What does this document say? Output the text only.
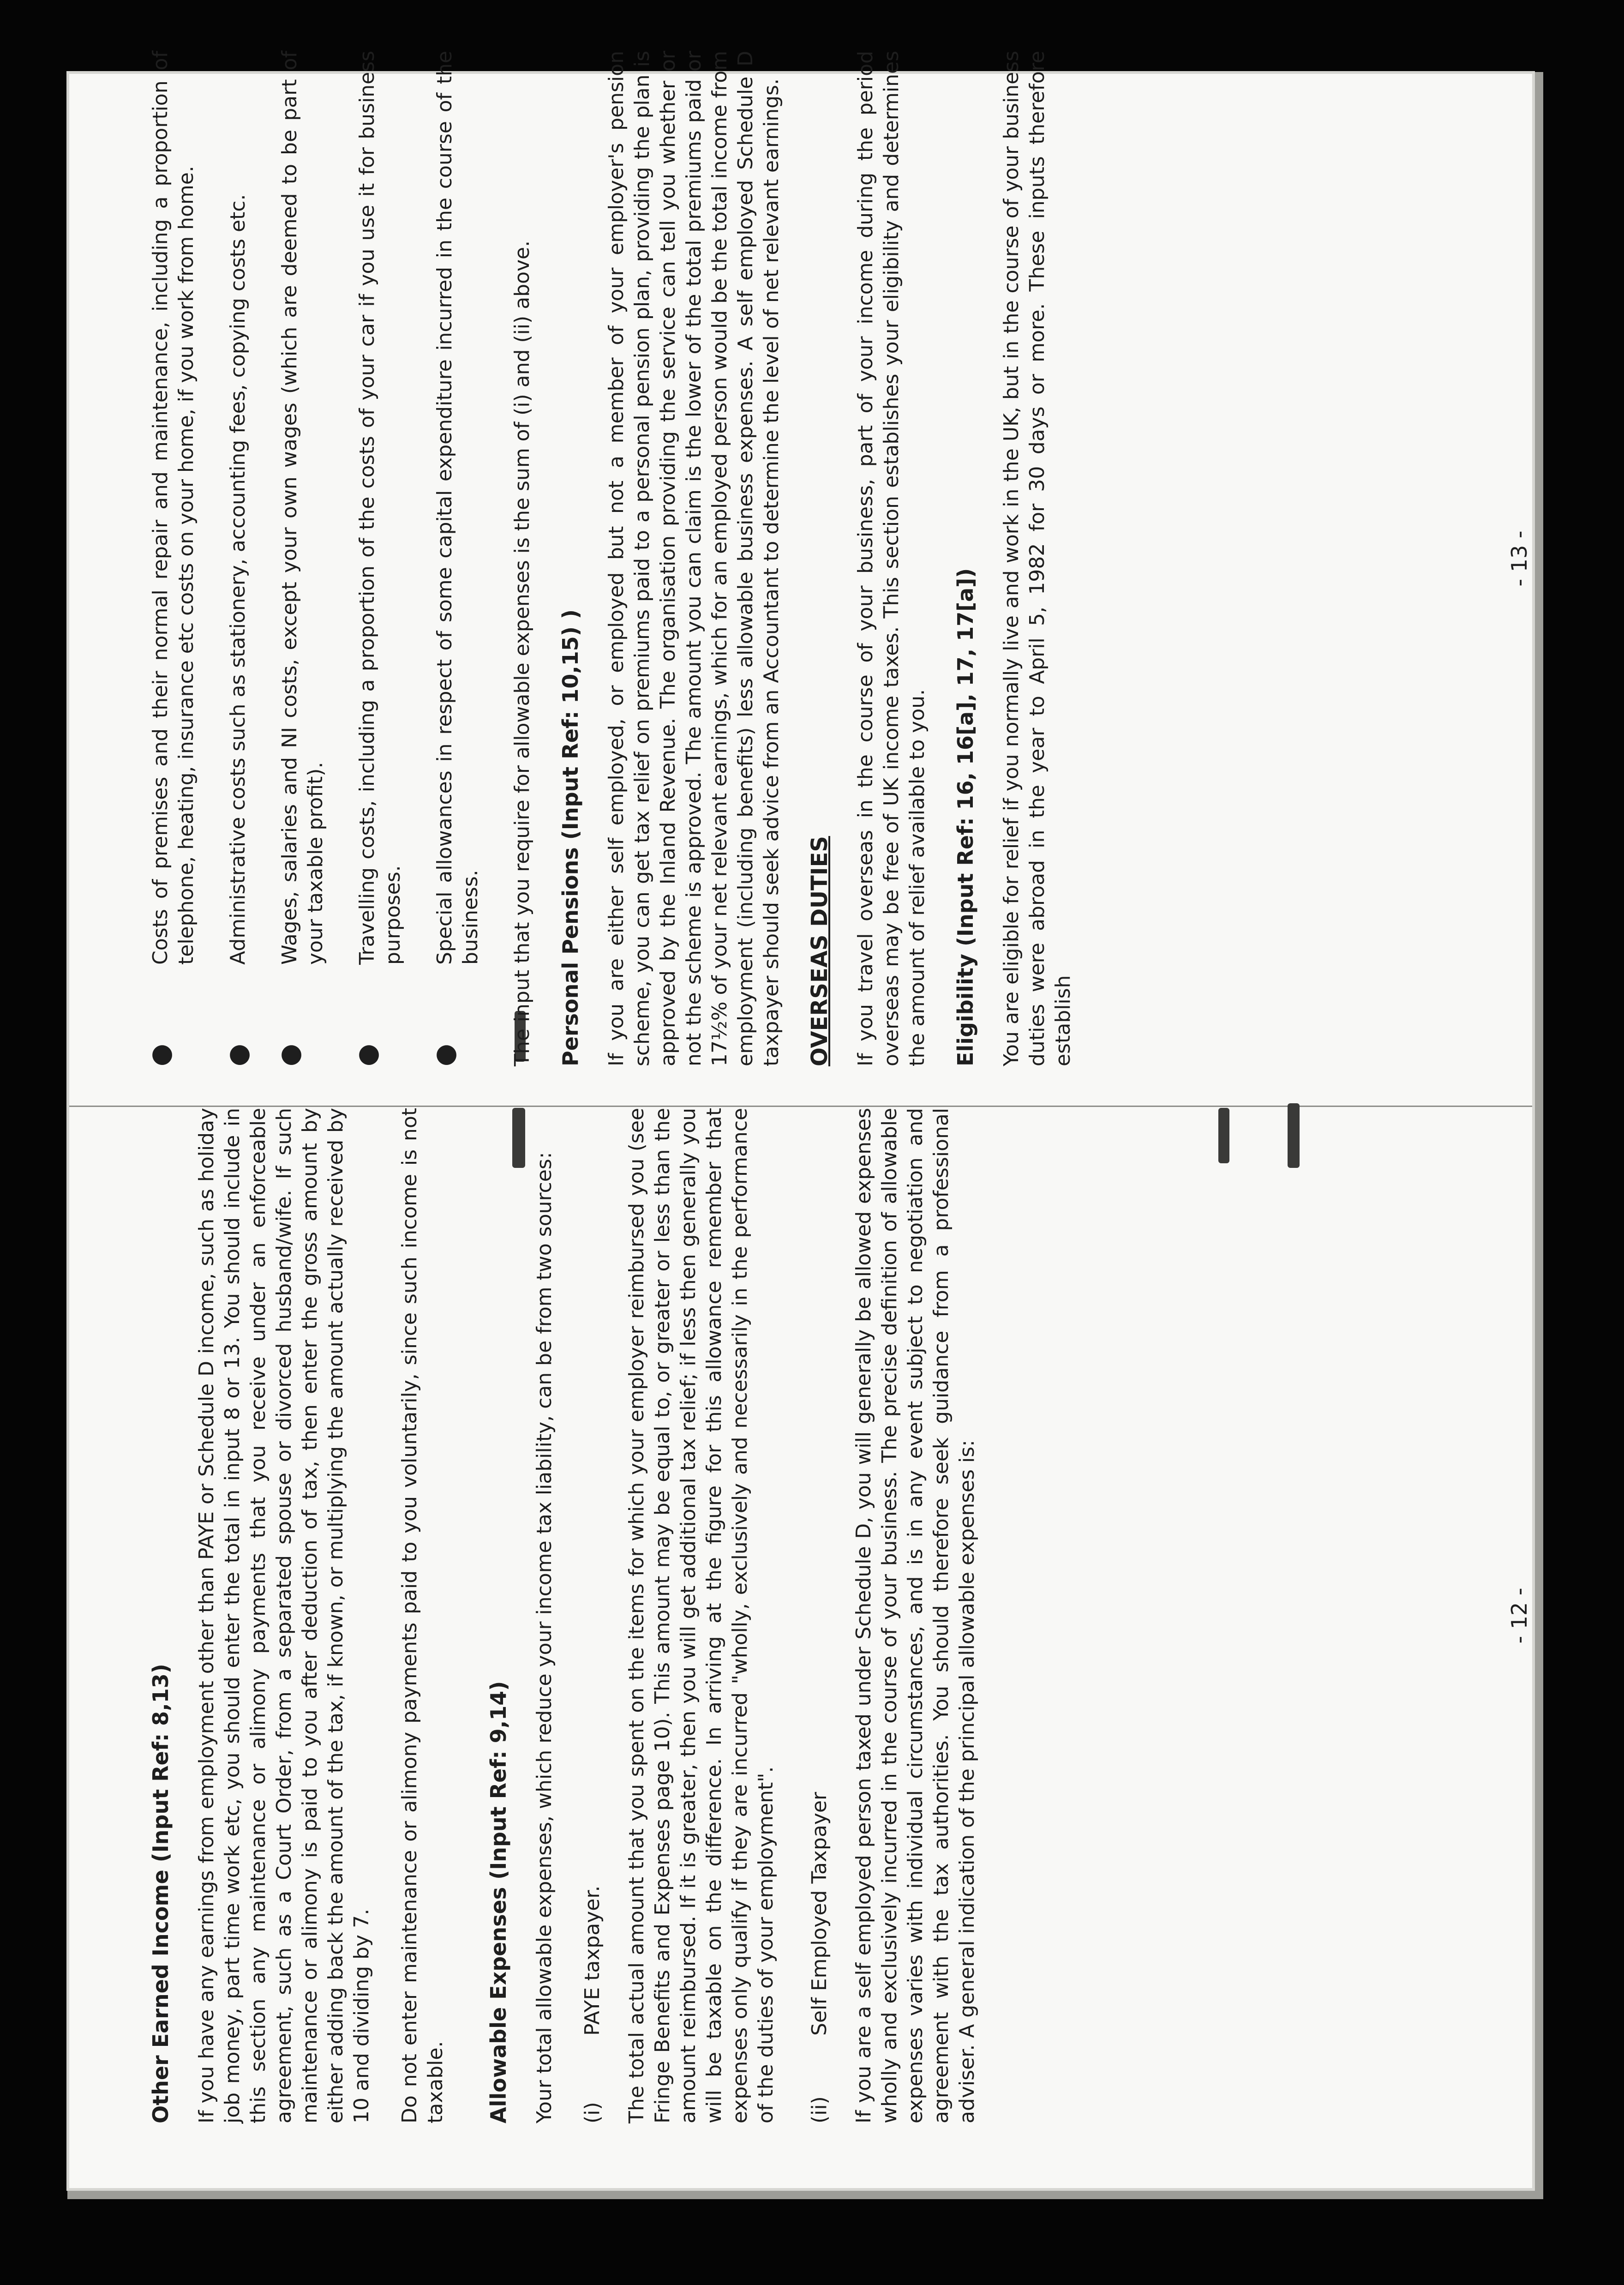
Other Earned Income (Input Ref: 8,13) If you have any earnings from employment other than PAYE or Schedule D income, such as holiday job money, part time work etc, you should enter the total in input 8 or 13. You should include in this section any maintenance or alimony payments that you receive under an enforceable agreement, such as a Court Order, from a separated spouse or divorced husband/wife. If such maintenance or alimony is paid to you after deduction of tax, then enter the gross amount by either adding back the amount of the tax, if known, or multiplying the amount actually received by 10 and dividing by 7. Do not enter maintenance or alimony payments paid to you voluntarily, since such income is not taxable. Allowable Expenses (Input Ref: 9,14) Your total allowable expenses, which reduce your income tax liability, can be from two sources: (i)
PAYE taxpayer. The total actual amount that you spent on the items for which your employer reimbursed you (see Fringe Benefits and Expenses page 10). This amount may be equal to, or greater or less than the amount reimbursed. If it is greater, then you will get additional tax relief; if less then generally you will be taxable on the difference. In arriving at the figure for this allowance remember that expenses only qualify if they are incurred "wholly, exclusively and necessarily in the performance of the duties of your employment". (ii)
Self Employed Taxpayer If you are a self employed person taxed under Schedule D, you will generally be allowed expenses wholly and exclusively incurred in the course of your business. The precise definition of allowable expenses varies with individual circumstances, and is in any event subject to negotiation and agreement with the tax authorities. You should therefore seek guidance from a professional adviser. A general indication of the principal allowable expenses is:	- 12 -
●
Costs of premises and their normal repair and maintenance, including a proportion of telephone, heating, insurance etc costs on your home, if you work from home.
●
Administrative costs such as stationery, accounting fees, copying costs etc.
●
Wages, salaries and NI costs, except your own wages (which are deemed to be part of your taxable profit).
●
Travelling costs, including a proportion of the costs of your car if you use it for business purposes.
●
Special allowances in respect of some capital expenditure incurred in the course of the business. The input that you require for allowable expenses is the sum of (i) and (ii) above. Personal Pensions (Input Ref: 10,15) ) If you are either self employed, or employed but not a member of your employer's pension scheme, you can get tax relief on premiums paid to a personal pension plan, providing the plan is approved by the Inland Revenue. The organisation providing the service can tell you whether or not the scheme is approved. The amount you can claim is the lower of the total premiums paid or 17½% of your net relevant earnings, which for an employed person would be the total income from employment (including benefits) less allowable business expenses. A self employed Schedule D taxpayer should seek advice from an Accountant to determine the level of net relevant earnings. OVERSEAS DUTIES If you travel overseas in the course of your business, part of your income during the period overseas may be free of UK income taxes. This section establishes your eligibility and determines the amount of relief available to you. Eligibility (Input Ref: 16, 16[a], 17, 17[a]) You are eligible for relief if you normally live and work in the UK, but in the course of your business duties were abroad in the year to April 5, 1982 for 30 days or more. These inputs therefore establish

- 13 -
